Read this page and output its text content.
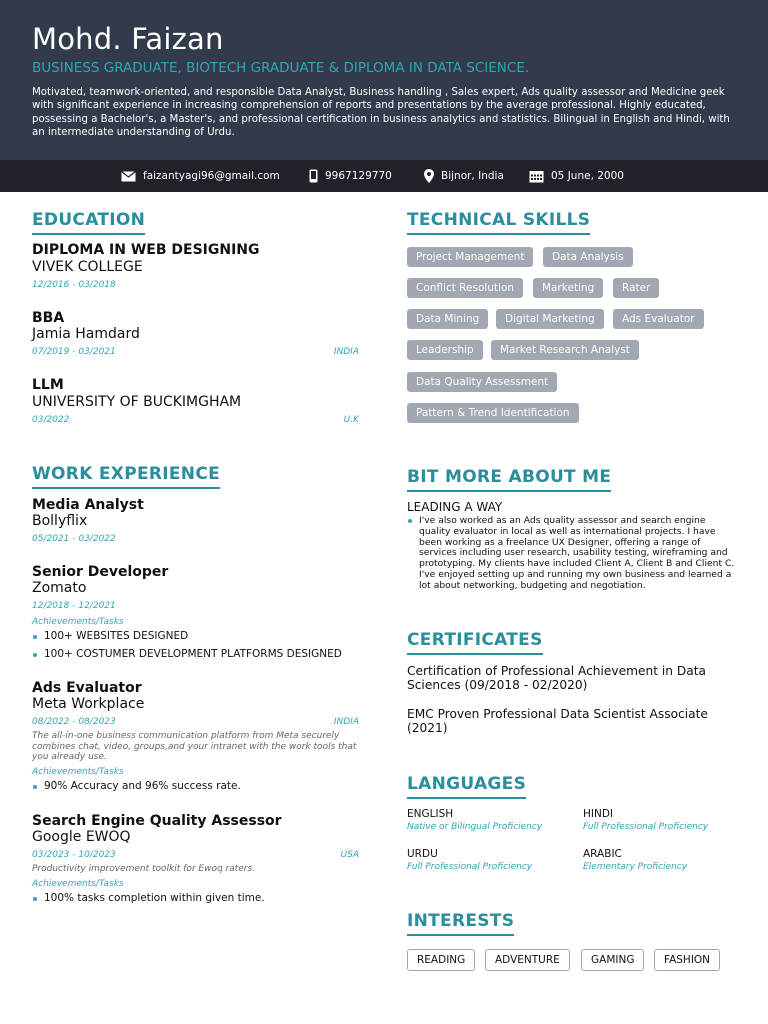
Mohd. Faizan
BUSINESS GRADUATE, BIOTECH GRADUATE & DIPLOMA IN DATA SCIENCE.
Motivated, teamwork-oriented, and responsible Data Analyst, Business handling , Sales expert, Ads quality assessor and Medicine geek with significant experience in increasing comprehension of reports and presentations by the average professional. Highly educated, possessing a Bachelor's, a Master's, and professional certification in business analytics and statistics. Bilingual in English and Hindi, with an intermediate understanding of Urdu.
faizantyagi96@gmail.com	9967129770	Bijnor, India	05 June, 2000
EDUCATION
DIPLOMA IN WEB DESIGNING
VIVEK COLLEGE
12/2016 - 03/2018
BBA
Jamia Hamdard
07/2019 - 03/2021	INDIA
LLM
UNIVERSITY OF BUCKIMGHAM
03/2022	U.K
WORK EXPERIENCE
Media Analyst
Bollyflix
05/2021 - 03/2022
Senior Developer
Zomato
12/2018 - 12/2021
Achievements/Tasks
100+ WEBSITES DESIGNED
100+ COSTUMER DEVELOPMENT PLATFORMS DESIGNED
Ads Evaluator
Meta Workplace
08/2022 - 08/2023	INDIA
The all-in-one business communication platform from Meta securely combines chat, video, groups,and your intranet with the work tools that you already use.
Achievements/Tasks
90% Accuracy and 96% success rate.
Search Engine Quality Assessor
Google EWOQ
03/2023 - 10/2023	USA
Productivity improvement toolkit for Ewoq raters.
Achievements/Tasks
100% tasks completion within given time.
TECHNICAL SKILLS
Project Management	Data Analysis
Conflict Resolution	Marketing	Rater
Data Mining	Digital Marketing	Ads Evaluator
Leadership	Market Research Analyst
Data Quality Assessment
Pattern & Trend Identification
BIT MORE ABOUT ME
LEADING A WAY
I've also worked as an Ads quality assessor and search engine quality evaluator in local as well as international projects. I have been working as a freelance UX Designer, offering a range of services including user research, usability testing, wireframing and prototyping. My clients have included Client A, Client B and Client C. I've enjoyed setting up and running my own business and learned a lot about networking, budgeting and negotiation.
CERTIFICATES
Certification of Professional Achievement in Data Sciences (09/2018 - 02/2020)
EMC Proven Professional Data Scientist Associate (2021)
LANGUAGES
ENGLISH
Native or Bilingual Proficiency
HINDI
Full Professional Proficiency
URDU
Full Professional Proficiency
ARABIC
Elementary Proficiency
INTERESTS
READING	ADVENTURE	GAMING	FASHION
